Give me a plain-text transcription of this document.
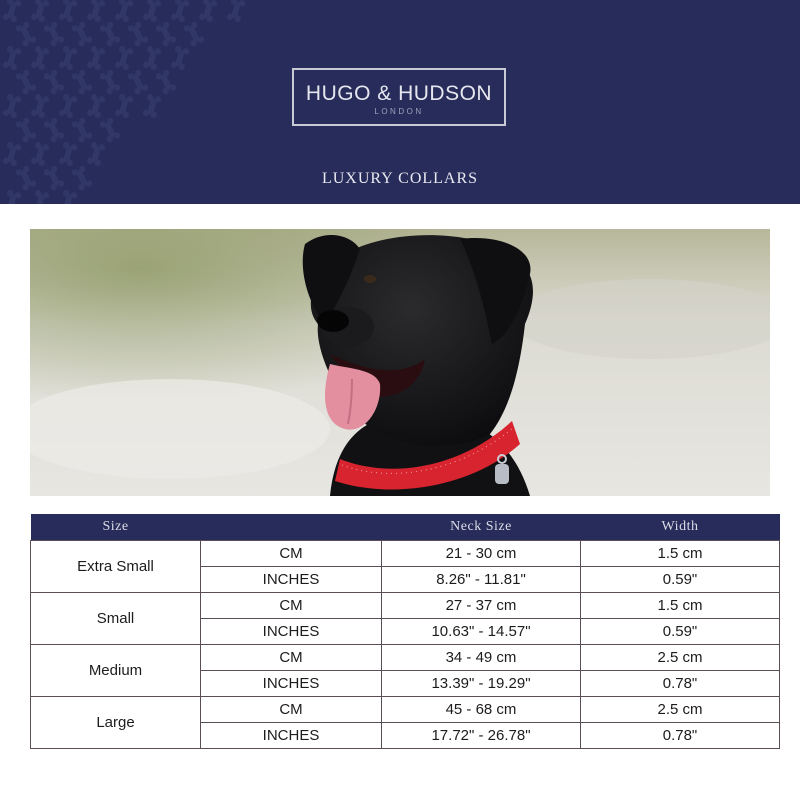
HUGO & HUDSON
LONDON
LUXURY COLLARS
Size		Neck Size	Width
Extra Small	CM	21 - 30 cm	1.5 cm
	INCHES	8.26" - 11.81"	0.59"
Small	CM	27 - 37 cm	1.5 cm
	INCHES	10.63" - 14.57"	0.59"
Medium	CM	34 - 49 cm	2.5 cm
	INCHES	13.39" - 19.29"	0.78"
Large	CM	45 - 68 cm	2.5 cm
	INCHES	17.72" - 26.78"	0.78"
